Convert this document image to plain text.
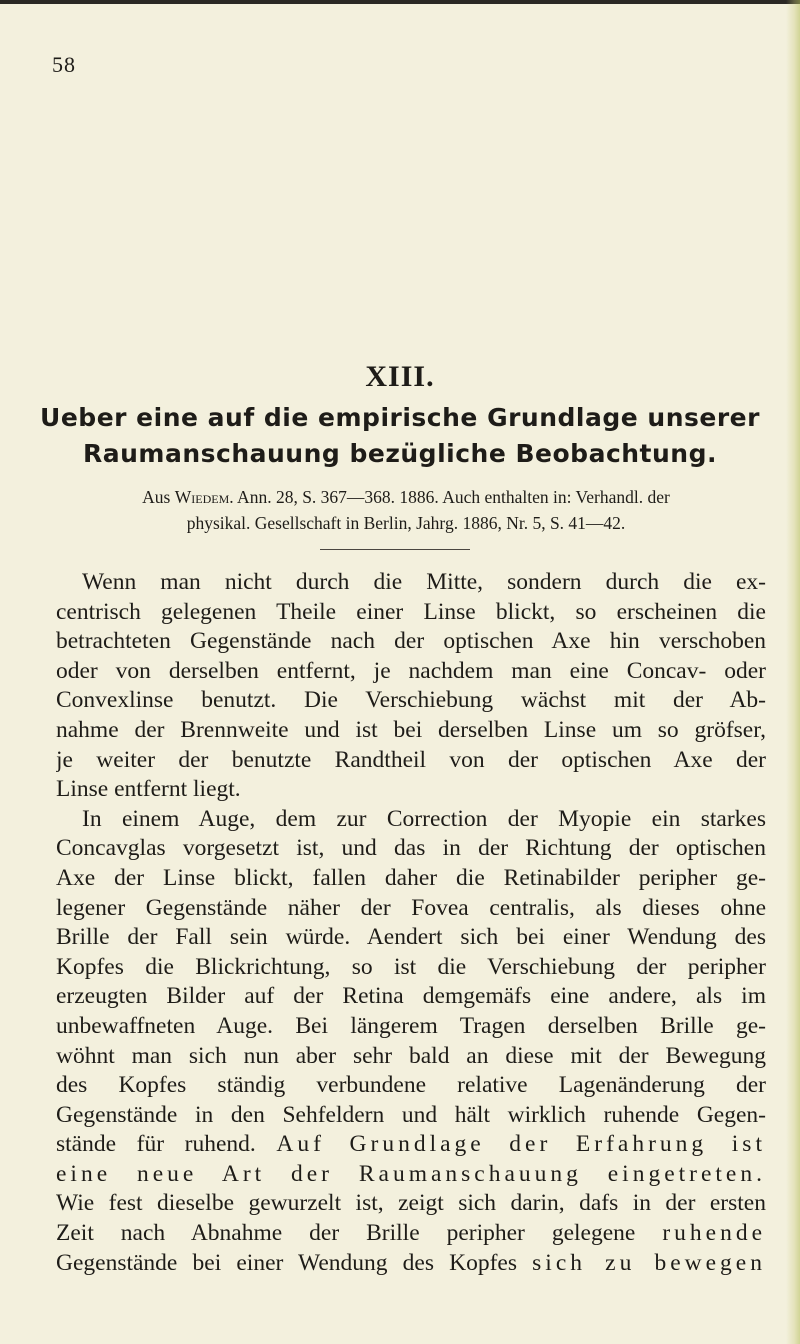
58
XIII.
Ueber eine auf die empirische Grundlage unserer
Raumanschauung bezügliche Beobachtung.
Aus Wiedem. Ann. 28, S. 367—368. 1886. Auch enthalten in: Verhandl. der
physikal. Gesellschaft in Berlin, Jahrg. 1886, Nr. 5, S. 41—42.
Wenn man nicht durch die Mitte, sondern durch die ex-
centrisch gelegenen Theile einer Linse blickt, so erscheinen die
betrachteten Gegenstände nach der optischen Axe hin verschoben
oder von derselben entfernt, je nachdem man eine Concav- oder
Convexlinse benutzt. Die Verschiebung wächst mit der Ab-
nahme der Brennweite und ist bei derselben Linse um so gröfser,
je weiter der benutzte Randtheil von der optischen Axe der
Linse entfernt liegt.
In einem Auge, dem zur Correction der Myopie ein starkes
Concavglas vorgesetzt ist, und das in der Richtung der optischen
Axe der Linse blickt, fallen daher die Retinabilder peripher ge-
legener Gegenstände näher der Fovea centralis, als dieses ohne
Brille der Fall sein würde. Aendert sich bei einer Wendung des
Kopfes die Blickrichtung, so ist die Verschiebung der peripher
erzeugten Bilder auf der Retina demgemäfs eine andere, als im
unbewaffneten Auge. Bei längerem Tragen derselben Brille ge-
wöhnt man sich nun aber sehr bald an diese mit der Bewegung
des Kopfes ständig verbundene relative Lagenänderung der
Gegenstände in den Sehfeldern und hält wirklich ruhende Gegen-
stände für ruhend. Auf Grundlage der Erfahrung ist
eine neue Art der Raumanschauung eingetreten.
Wie fest dieselbe gewurzelt ist, zeigt sich darin, dafs in der ersten
Zeit nach Abnahme der Brille peripher gelegene ruhende
Gegenstände bei einer Wendung des Kopfes sich zu bewegen
